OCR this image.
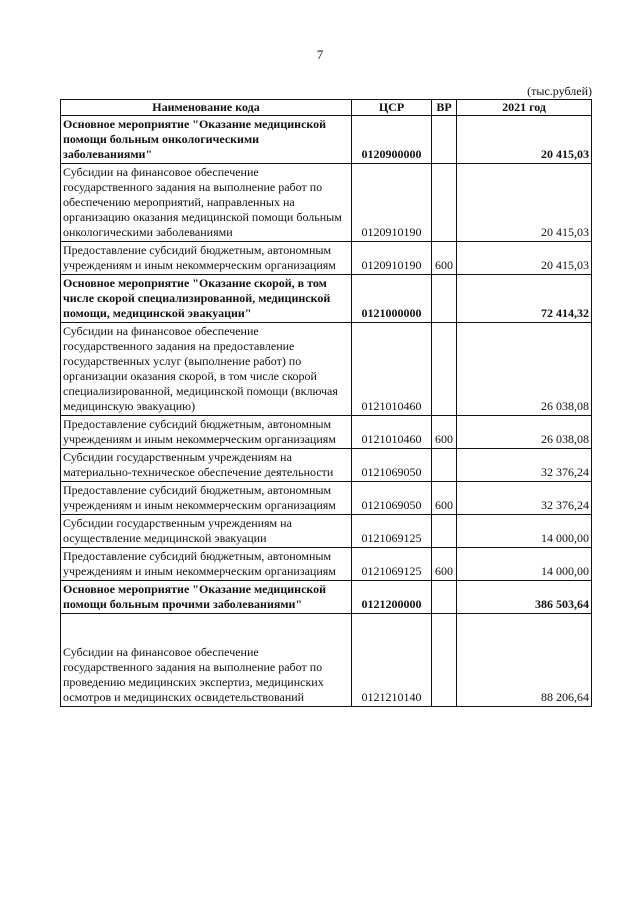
7
(тыс.рублей)
Наименование кода	ЦСР	ВР	2021 год
Основное мероприятие "Оказание медицинской помощи больным онкологическими заболеваниями"	0120900000		20 415,03
Субсидии на финансовое обеспечение государственного задания на выполнение работ по обеспечению мероприятий, направленных на организацию оказания медицинской помощи больным онкологическими заболеваниями	0120910190		20 415,03
Предоставление субсидий бюджетным, автономным учреждениям и иным некоммерческим организациям	0120910190	600	20 415,03
Основное мероприятие "Оказание скорой, в том числе скорой специализированной, медицинской помощи, медицинской эвакуации"	0121000000		72 414,32
Субсидии на финансовое обеспечение государственного задания на предоставление государственных услуг (выполнение работ) по организации оказания скорой, в том числе скорой специализированной, медицинской помощи (включая медицинскую эвакуацию)	0121010460		26 038,08
Предоставление субсидий бюджетным, автономным учреждениям и иным некоммерческим организациям	0121010460	600	26 038,08
Субсидии государственным учреждениям на материально-техническое обеспечение деятельности	0121069050		32 376,24
Предоставление субсидий бюджетным, автономным учреждениям и иным некоммерческим организациям	0121069050	600	32 376,24
Субсидии государственным учреждениям на осуществление медицинской эвакуации	0121069125		14 000,00
Предоставление субсидий бюджетным, автономным учреждениям и иным некоммерческим организациям	0121069125	600	14 000,00
Основное мероприятие "Оказание медицинской помощи больным прочими заболеваниями"	0121200000		386 503,64

Субсидии на финансовое обеспечение государственного задания на выполнение работ по проведению медицинских экспертиз, медицинских осмотров и медицинских освидетельствований	0121210140		88 206,64
